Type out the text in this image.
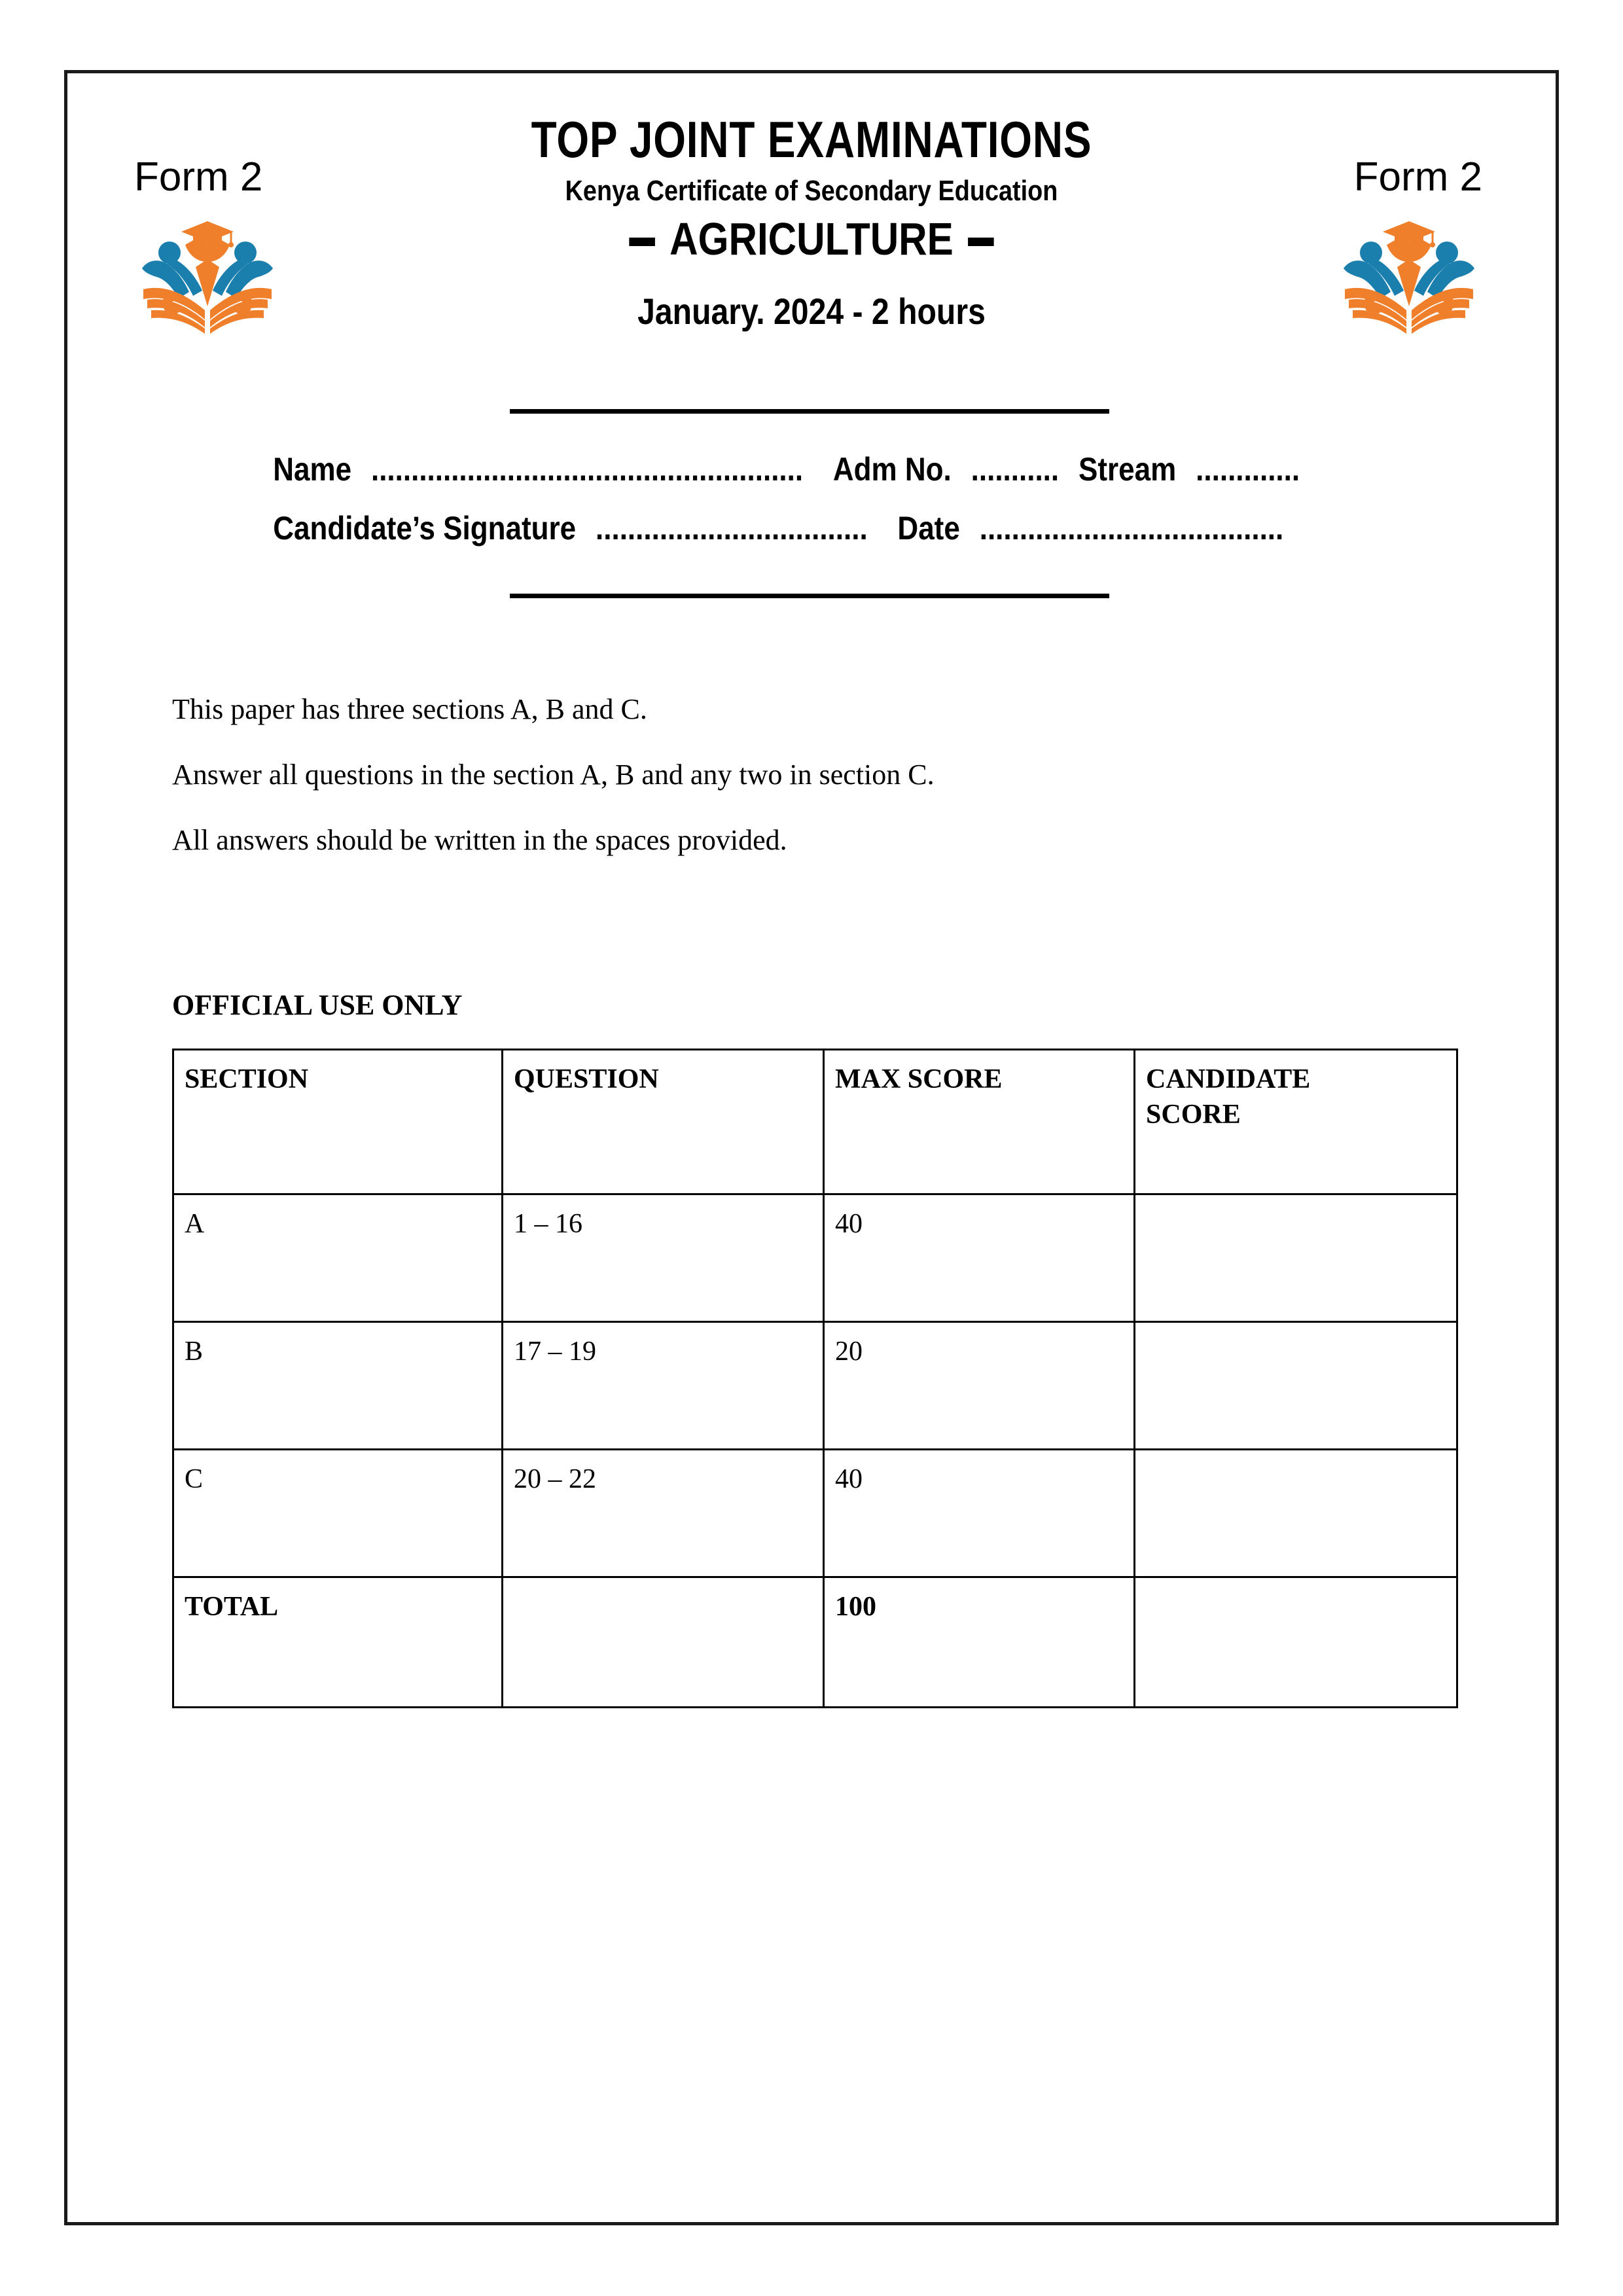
TOP JOINT EXAMINATIONS
Kenya Certificate of Secondary Education
AGRICULTURE
January. 2024 - 2 hours
Form 2	Form 2
Name ...................................................... Adm No. ........... Stream .............
Candidate’s Signature .................................. Date ......................................
This paper has three sections A, B and C.
Answer all questions in the section A, B and any two in section C.
All answers should be written in the spaces provided.
OFFICIAL USE ONLY
SECTION	QUESTION	MAX SCORE	CANDIDATE
SCORE

A	1 – 16	40	
B	17 – 19	20	
C	20 – 22	40	
TOTAL		100	
